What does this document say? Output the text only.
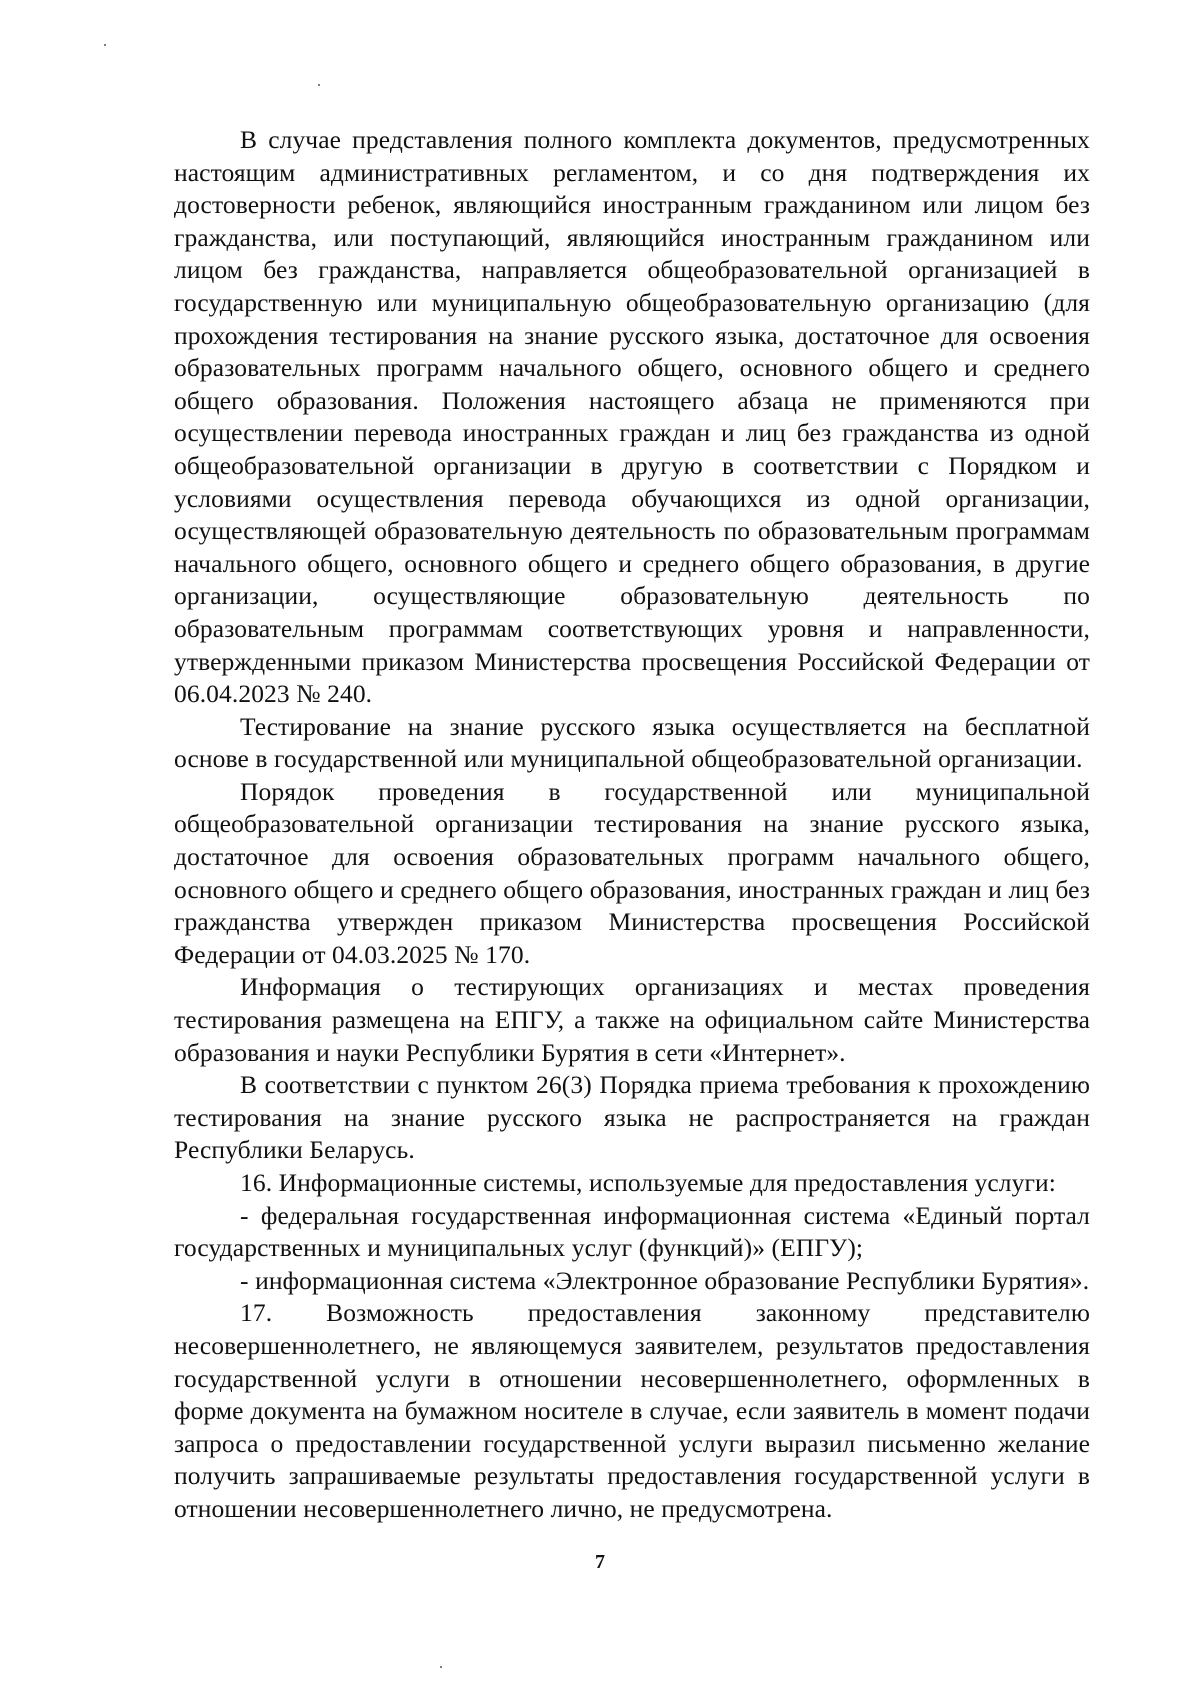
В случае представления полного комплекта документов, предусмотренных настоящим административных регламентом, и со дня подтверждения их достоверности ребенок, являющийся иностранным гражданином или лицом без гражданства, или поступающий, являющийся иностранным гражданином или лицом без гражданства, направляется общеобразовательной организацией в государственную или муниципальную общеобразовательную организацию (для прохождения тестирования на знание русского языка, достаточное для освоения образовательных программ начального общего, основного общего и среднего общего образования. Положения настоящего абзаца не применяются при осуществлении перевода иностранных граждан и лиц без гражданства из одной общеобразовательной организации в другую в соответствии с Порядком и условиями осуществления перевода обучающихся из одной организации, осуществляющей образовательную деятельность по образовательным программам начального общего, основного общего и среднего общего образования, в другие организации, осуществляющие образовательную деятельность по образовательным программам соответствующих уровня и направленности, утвержденными приказом Министерства просвещения Российской Федерации от 06.04.2023 № 240.

Тестирование на знание русского языка осуществляется на бесплатной основе в государственной или муниципальной общеобразовательной организации.

Порядок проведения в государственной или муниципальной общеобразовательной организации тестирования на знание русского языка, достаточное для освоения образовательных программ начального общего, основного общего и среднего общего образования, иностранных граждан и лиц без гражданства утвержден приказом Министерства просвещения Российской Федерации от 04.03.2025 № 170.

Информация о тестирующих организациях и местах проведения тестирования размещена на ЕПГУ, а также на официальном сайте Министерства образования и науки Республики Бурятия в сети «Интернет».

В соответствии с пунктом 26(3) Порядка приема требования к прохождению тестирования на знание русского языка не распространяется на граждан Республики Беларусь.

16. Информационные системы, используемые для предоставления услуги:

- федеральная государственная информационная система «Единый портал государственных и муниципальных услуг (функций)» (ЕПГУ);

- информационная система «Электронное образование Республики Бурятия».

17. Возможность предоставления законному представителю несовершеннолетнего, не являющемуся заявителем, результатов предоставления государственной услуги в отношении несовершеннолетнего, оформленных в форме документа на бумажном носителе в случае, если заявитель в момент подачи запроса о предоставлении государственной услуги выразил письменно желание получить запрашиваемые результаты предоставления государственной услуги в отношении несовершеннолетнего лично, не предусмотрена.

7
